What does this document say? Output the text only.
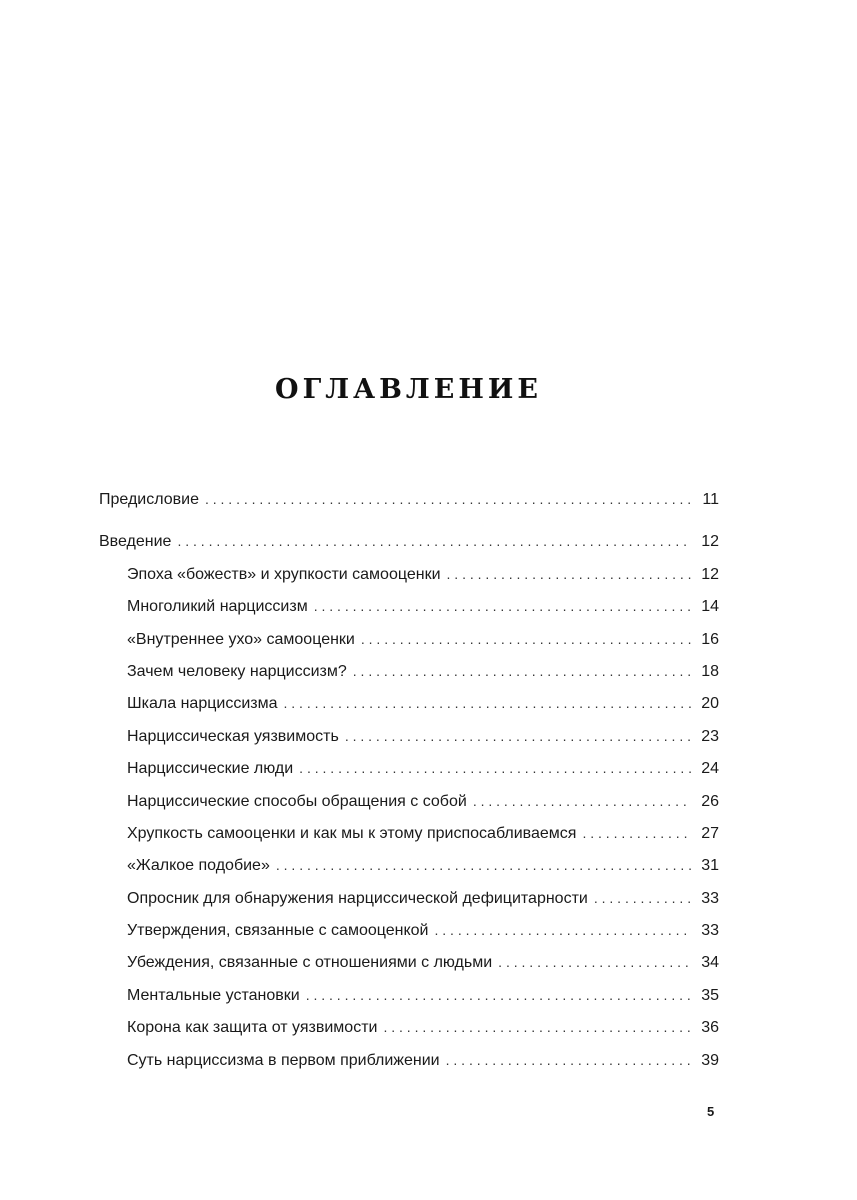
ОГЛАВЛЕНИЕ
Предисловие . . .	11
Введение . . .	12
Эпоха «божеств» и хрупкости самооценки . . .	12
Многоликий нарциссизм . . .	14
«Внутреннее ухо» самооценки . . .	16
Зачем человеку нарциссизм? . . .	18
Шкала нарциссизма . . .	20
Нарциссическая уязвимость . . .	23
Нарциссические люди . . .	24
Нарциссические способы обращения с собой . . .	26
Хрупкость самооценки и как мы к этому приспосабливаемся . . .	27
«Жалкое подобие» . . .	31
Опросник для обнаружения нарциссической дефицитарности . . .	33
Утверждения, связанные с самооценкой . . .	33
Убеждения, связанные с отношениями с людьми . . .	34
Ментальные установки . . .	35
Корона как защита от уязвимости . . .	36
Суть нарциссизма в первом приближении . . .	39
5
